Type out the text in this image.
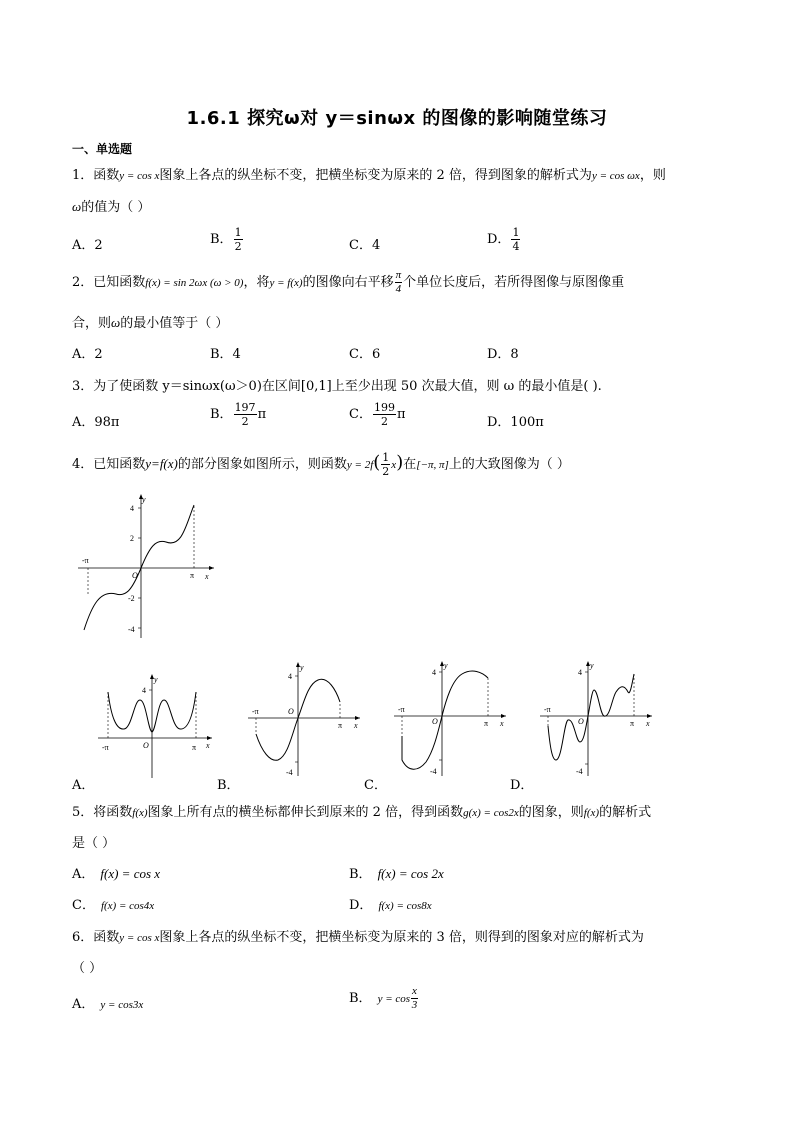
1.6.1 探究ω对 y＝sinωx 的图像的影响随堂练习
一、单选题
1．函数y = cos x图象上各点的纵坐标不变，把横坐标变为原来的 2 倍，得到图象的解析式为y = cos ωx，则
ω的值为（ ）
A．2	B． $\frac{1}{2}$	C．4	D． $\frac{1}{4}$
2．已知函数f(x) = sin 2ωx (ω > 0)，将y = f(x)的图像向右平移 $\frac{\pi}{4}$ 个单位长度后，若所得图像与原图像重
合，则ω的最小值等于（ ）
A．2	B．4	C．6	D．8
3．为了使函数 y＝sinωx(ω＞0)在区间[0,1]上至少出现 50 次最大值，则 ω 的最小值是( ).
A．98π
B． $\frac{197}{2}$ π	C． $\frac{199}{2}$ π
D．100π
4．已知函数y=f(x)的部分图象如图所示，则函数$y = 2f( \frac{1}{2} x)$在[−π, π]上的大致图像为（ ）
y
x
4
2
O
-2
-4
-π
π
y
x
4
O
-π	π
y
x
4
O
-4
-π
π
y
x
4
O
-4
-π
π
y
x
4
O
-4
-π
π
A．	B．	C．	D．
5．将函数f(x)图象上所有点的横坐标都伸长到原来的 2 倍，得到函数g(x) = cos2x的图象，则f(x)的解析式
是（ ）
A． f(x) = cos x	B． f(x) = cos 2x
C． f(x) = cos4x	D． f(x) = cos8x
6．函数y = cos x图象上各点的纵坐标不变，把横坐标变为原来的 3 倍，则得到的图象对应的解析式为
（ ）
A． y = cos3x	B． $y = \cos \frac{x}{3}$
